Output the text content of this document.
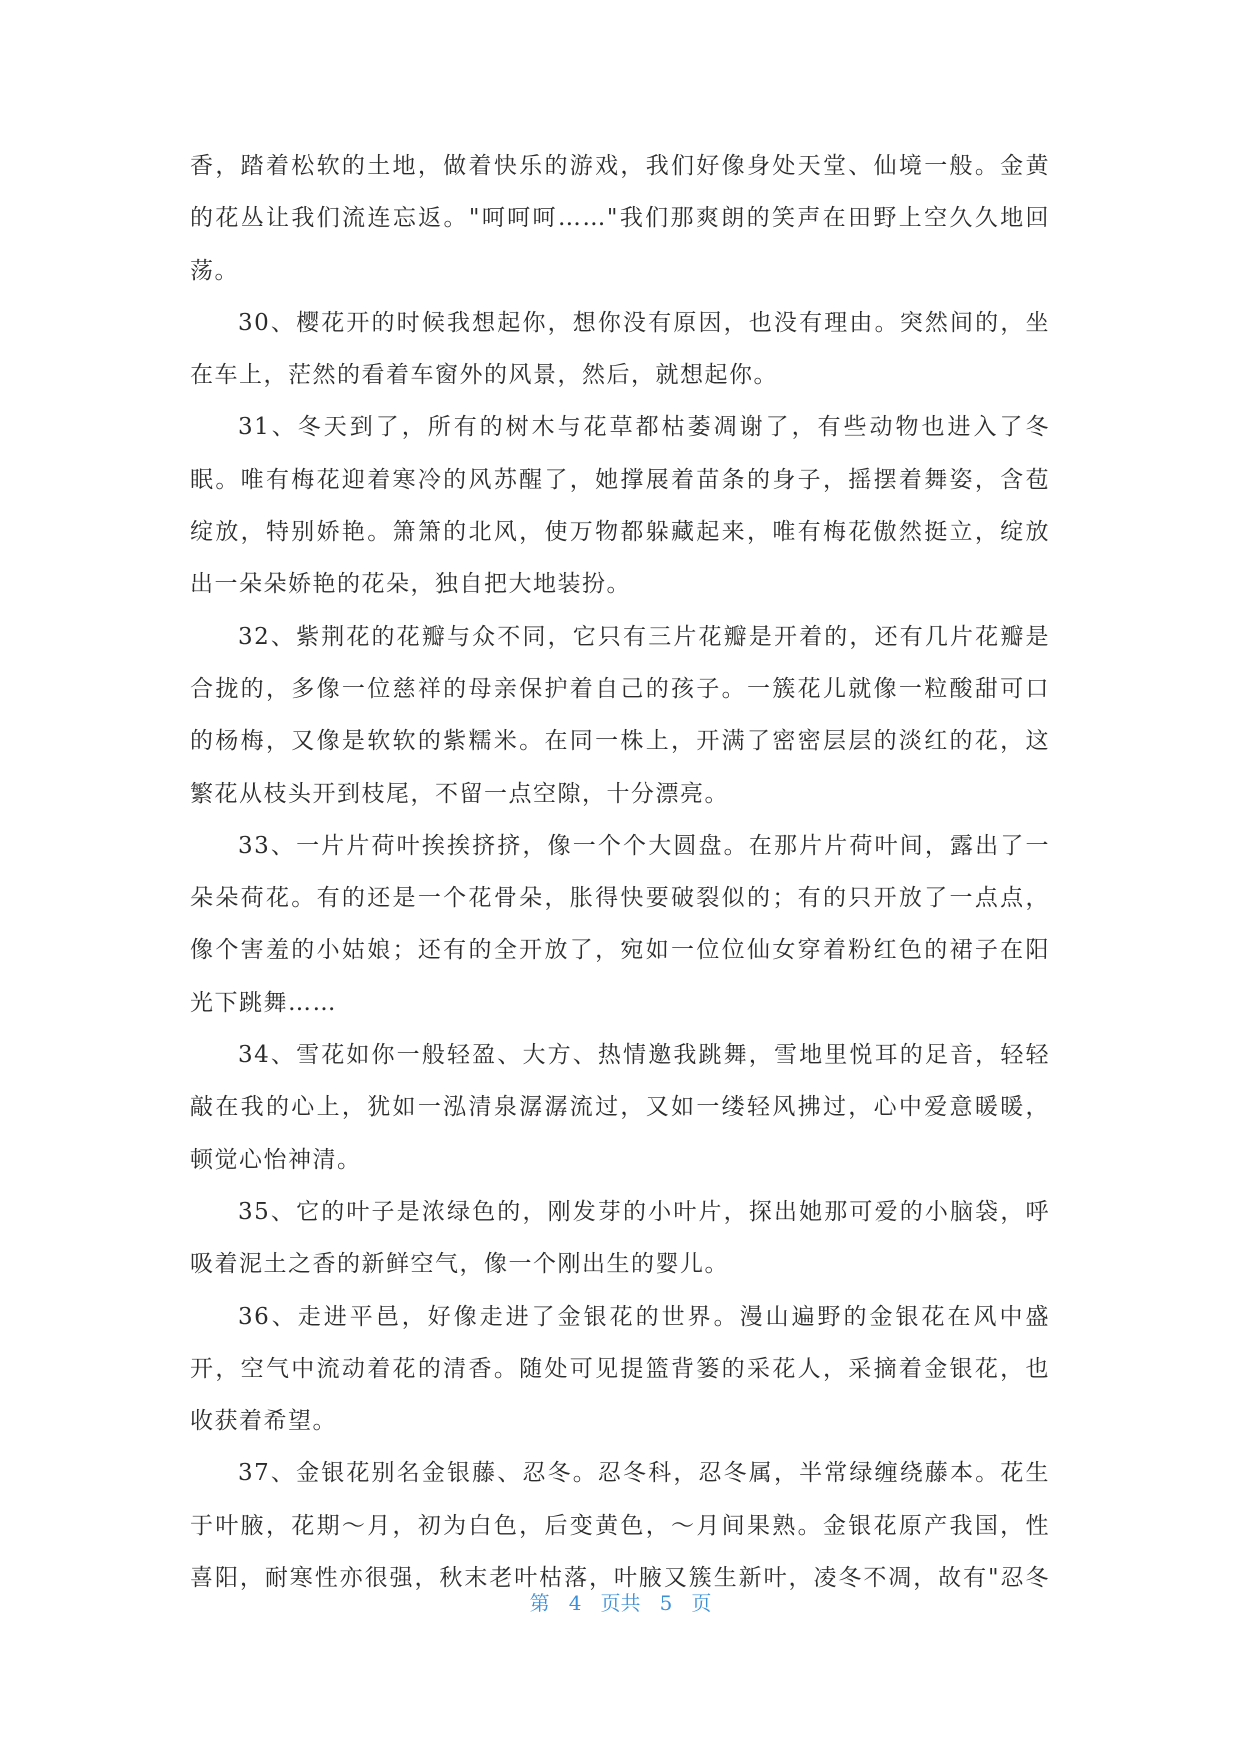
香，踏着松软的土地，做着快乐的游戏，我们好像身处天堂、仙境一般。金黄
的花丛让我们流连忘返。"呵呵呵……"我们那爽朗的笑声在田野上空久久地回
荡。
30、樱花开的时候我想起你，想你没有原因，也没有理由。突然间的，坐
在车上，茫然的看着车窗外的风景，然后，就想起你。
31、冬天到了，所有的树木与花草都枯萎凋谢了，有些动物也进入了冬
眠。唯有梅花迎着寒冷的风苏醒了，她撑展着苗条的身子，摇摆着舞姿，含苞
绽放，特别娇艳。箫箫的北风，使万物都躲藏起来，唯有梅花傲然挺立，绽放
出一朵朵娇艳的花朵，独自把大地装扮。
32、紫荆花的花瓣与众不同，它只有三片花瓣是开着的，还有几片花瓣是
合拢的，多像一位慈祥的母亲保护着自己的孩子。一簇花儿就像一粒酸甜可口
的杨梅，又像是软软的紫糯米。在同一株上，开满了密密层层的淡红的花，这
繁花从枝头开到枝尾，不留一点空隙，十分漂亮。
33、一片片荷叶挨挨挤挤，像一个个大圆盘。在那片片荷叶间，露出了一
朵朵荷花。有的还是一个花骨朵，胀得快要破裂似的；有的只开放了一点点，
像个害羞的小姑娘；还有的全开放了，宛如一位位仙女穿着粉红色的裙子在阳
光下跳舞……
34、雪花如你一般轻盈、大方、热情邀我跳舞，雪地里悦耳的足音，轻轻
敲在我的心上，犹如一泓清泉潺潺流过，又如一缕轻风拂过，心中爱意暖暖，
顿觉心怡神清。
35、它的叶子是浓绿色的，刚发芽的小叶片，探出她那可爱的小脑袋，呼
吸着泥土之香的新鲜空气，像一个刚出生的婴儿。
36、走进平邑，好像走进了金银花的世界。漫山遍野的金银花在风中盛
开，空气中流动着花的清香。随处可见提篮背篓的采花人，采摘着金银花，也
收获着希望。
37、金银花别名金银藤、忍冬。忍冬科，忍冬属，半常绿缠绕藤本。花生
于叶腋，花期～月，初为白色，后变黄色，～月间果熟。金银花原产我国，性
喜阳，耐寒性亦很强，秋末老叶枯落，叶腋又簇生新叶，凌冬不凋，故有"忍冬
第 4 页共 5 页
